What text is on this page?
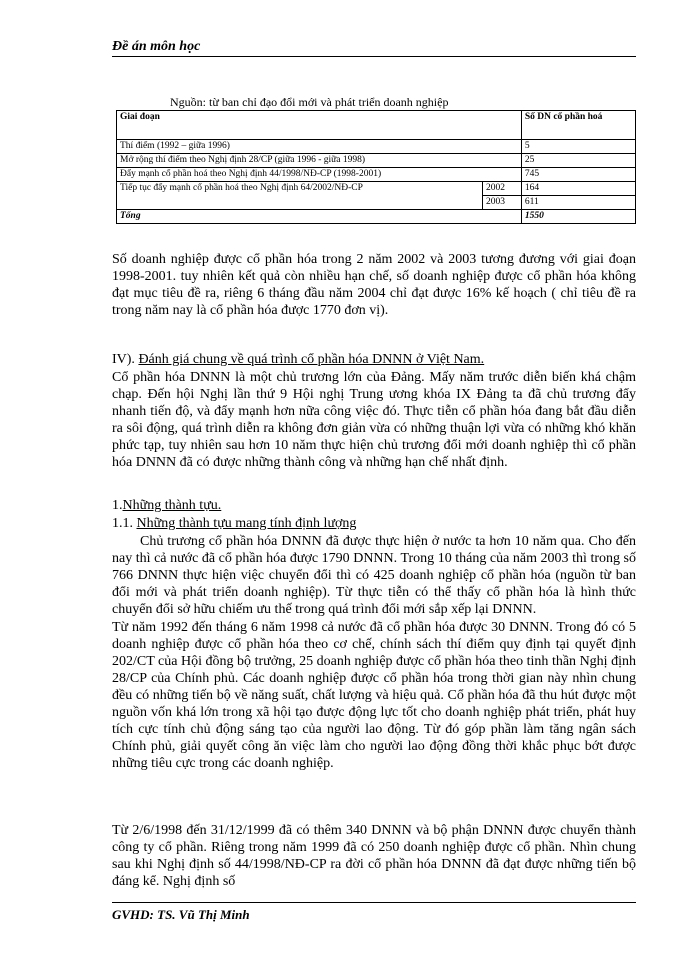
Đề án môn học
Nguồn: từ ban chỉ đạo đổi mới và phát triển doanh nghiệp
Giai đoạn		Số DN cổ phần hoá
Thí điểm (1992 – giữa 1996)		5
Mở rộng thí điểm theo Nghị định 28/CP (giữa 1996 - giữa 1998)		25
Đẩy mạnh cổ phần hoá theo Nghị định 44/1998/NĐ-CP (1998-2001)		745
Tiếp tục đẩy mạnh cổ phần hoá theo Nghị định 64/2002/NĐ-CP	2002	164
	2003	611
Tổng		1550

Số doanh nghiệp được cổ phần hóa trong 2 năm 2002 và 2003 tương đương với giai đoạn 1998-2001. tuy nhiên kết quả còn nhiều hạn chế, số doanh nghiệp được cổ phần hóa không đạt mục tiêu đề ra, riêng 6 tháng đầu năm 2004 chỉ đạt được 16% kế hoạch ( chỉ tiêu đề ra trong năm nay là cổ phần hóa được 1770 đơn vị).

IV). Đánh giá chung về quá trình cổ phần hóa DNNN ở Việt Nam.

Cổ phần hóa DNNN là một chủ trương lớn của Đảng. Mấy năm trước diễn biến khá chậm chạp. Đến hội Nghị lần thứ 9 Hội nghị Trung ương khóa IX Đảng ta đã chủ trương đẩy nhanh tiến độ, và đẩy mạnh hơn nữa công việc đó. Thực tiễn cổ phần hóa đang bắt đầu diễn ra sôi động, quá trình diễn ra không đơn giản vừa có những thuận lợi vừa có những khó khăn phức tạp, tuy nhiên sau hơn 10 năm thực hiện chủ trương đổi mới doanh nghiệp thì cổ phần hóa DNNN đã có được những thành công và những hạn chế nhất định.

1.Những thành tựu.

1.1. Những thành tựu mang tính định lượng

Chủ trương cổ phần hóa DNNN đã được thực hiện ở nước ta hơn 10 năm qua. Cho đến nay thì cả nước đã cổ phần hóa được 1790 DNNN. Trong 10 tháng của năm 2003 thì trong số 766 DNNN thực hiện việc chuyển đổi thì có 425 doanh nghiệp cổ phần hóa (nguồn từ ban đổi mới và phát triển doanh nghiệp). Từ thực tiễn có thể thấy cổ phần hóa là hình thức chuyển đổi sở hữu chiếm ưu thế trong quá trình đổi mới sắp xếp lại DNNN.

Từ năm 1992 đến tháng 6 năm 1998 cả nước đã cổ phần hóa được 30 DNNN. Trong đó có 5 doanh nghiệp được cổ phần hóa theo cơ chế, chính sách thí điểm quy định tại quyết định 202/CT của Hội đồng bộ trưởng, 25 doanh nghiệp được cổ phần hóa theo tinh thần Nghị định 28/CP của Chính phủ. Các doanh nghiệp được cổ phần hóa trong thời gian này nhìn chung đều có những tiến bộ về năng suất, chất lượng và hiệu quả. Cổ phần hóa đã thu hút được một nguồn vốn khá lớn trong xã hội tạo được động lực tốt cho doanh nghiệp phát triển, phát huy tích cực tính chủ động sáng tạo của người lao động. Từ đó góp phần làm tăng ngân sách Chính phủ, giải quyết công ăn việc làm cho người lao động đồng thời khắc phục bớt được những tiêu cực trong các doanh nghiệp.

Từ 2/6/1998 đến 31/12/1999 đã có thêm 340 DNNN và bộ phận DNNN được chuyển thành công ty cổ phần. Riêng trong năm 1999 đã có 250 doanh nghiệp được cổ phần. Nhìn chung sau khi Nghị định số 44/1998/NĐ-CP ra đời cổ phần hóa DNNN đã đạt được những tiến bộ đáng kể. Nghị định số

GVHD: TS. Vũ Thị Minh
